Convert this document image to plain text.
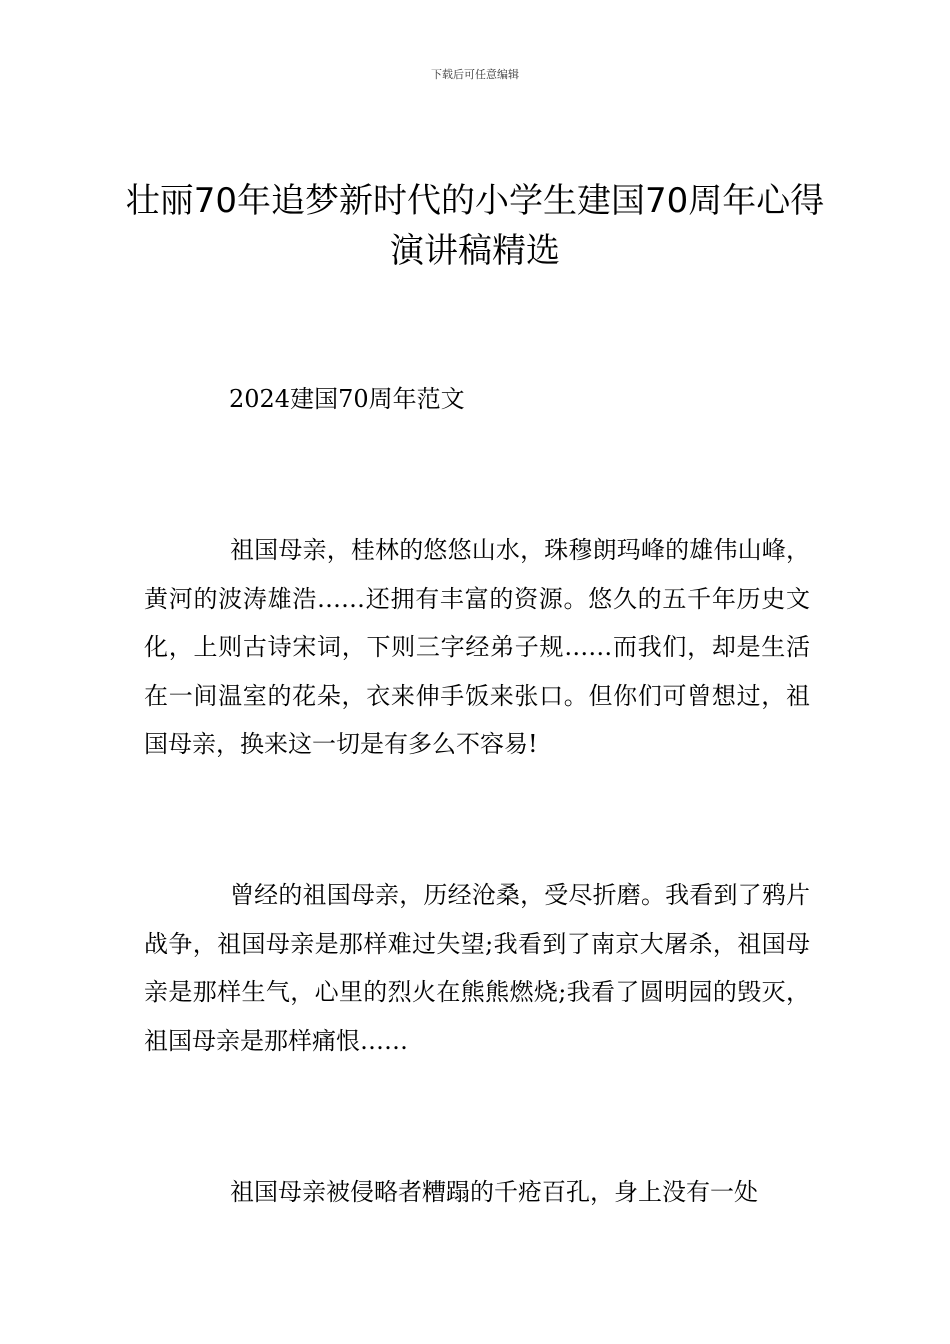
下载后可任意编辑
壮丽70年追梦新时代的小学生建国70周年心得演讲稿精选

2024建国70周年范文

祖国母亲，桂林的悠悠山水，珠穆朗玛峰的雄伟山峰，黄河的波涛雄浩……还拥有丰富的资源。悠久的五千年历史文化，上则古诗宋词，下则三字经弟子规……而我们，却是生活在一间温室的花朵，衣来伸手饭来张口。但你们可曾想过，祖国母亲，换来这一切是有多么不容易!

曾经的祖国母亲，历经沧桑，受尽折磨。我看到了鸦片战争，祖国母亲是那样难过失望;我看到了南京大屠杀，祖国母亲是那样生气，心里的烈火在熊熊燃烧;我看了圆明园的毁灭，祖国母亲是那样痛恨……

祖国母亲被侵略者糟蹋的千疮百孔，身上没有一处
